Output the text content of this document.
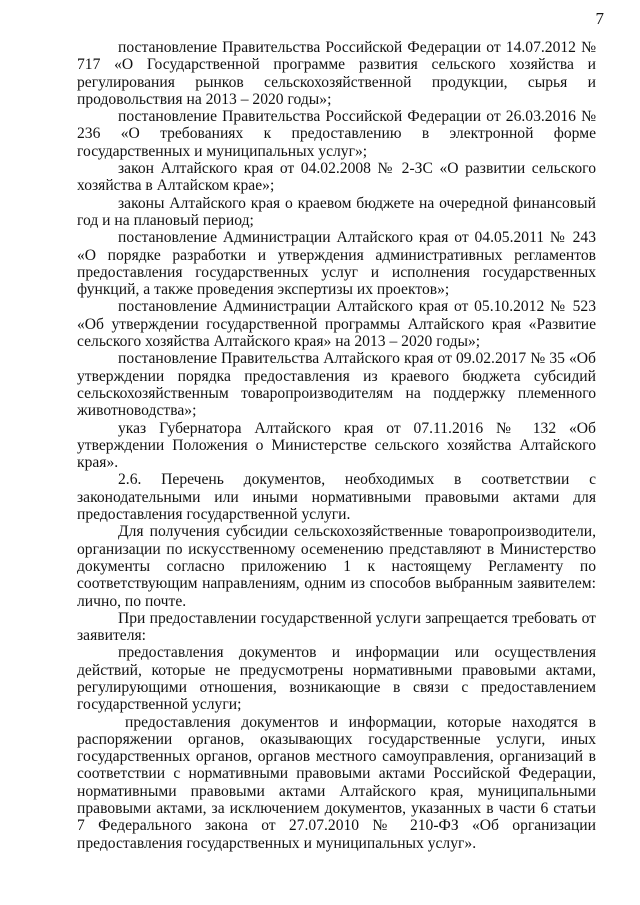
7

постановление Правительства Российской Федерации от 14.07.2012 № 717 «О Государственной программе развития сельского хозяйства и регулирования рынков сельскохозяйственной продукции, сырья и продовольствия на 2013 – 2020 годы»;

постановление Правительства Российской Федерации от 26.03.2016 № 236 «О требованиях к предоставлению в электронной форме государственных и муниципальных услуг»;

закон Алтайского края от 04.02.2008 № 2-ЗС «О развитии сельского хозяйства в Алтайском крае»;

законы Алтайского края о краевом бюджете на очередной финансовый год и на плановый период;

постановление Администрации Алтайского края от 04.05.2011 № 243 «О порядке разработки и утверждения административных регламентов предоставления государственных услуг и исполнения государственных функций, а также проведения экспертизы их проектов»;

постановление Администрации Алтайского края от 05.10.2012 № 523 «Об утверждении государственной программы Алтайского края «Развитие сельского хозяйства Алтайского края» на 2013 – 2020 годы»;

постановление Правительства Алтайского края от 09.02.2017 № 35 «Об утверждении порядка предоставления из краевого бюджета субсидий сельскохозяйственным товаропроизводителям на поддержку племенного животноводства»;

указ Губернатора Алтайского края от 07.11.2016 № 132 «Об утверждении Положения о Министерстве сельского хозяйства Алтайского края».

2.6. Перечень документов, необходимых в соответствии с законодательными или иными нормативными правовыми актами для предоставления государственной услуги.

Для получения субсидии сельскохозяйственные товаропроизводители, организации по искусственному осеменению представляют в Министерство документы согласно приложению 1 к настоящему Регламенту по соответствующим направлениям, одним из способов выбранным заявителем: лично, по почте.

При предоставлении государственной услуги запрещается требовать от заявителя:

предоставления документов и информации или осуществления действий, которые не предусмотрены нормативными правовыми актами, регулирующими отношения, возникающие в связи с предоставлением государственной услуги;

предоставления документов и информации, которые находятся в распоряжении органов, оказывающих государственные услуги, иных государственных органов, органов местного самоуправления, организаций в соответствии с нормативными правовыми актами Российской Федерации, нормативными правовыми актами Алтайского края, муниципальными правовыми актами, за исключением документов, указанных в части 6 статьи 7 Федерального закона от 27.07.2010 № 210-ФЗ «Об организации предоставления государственных и муниципальных услуг».
